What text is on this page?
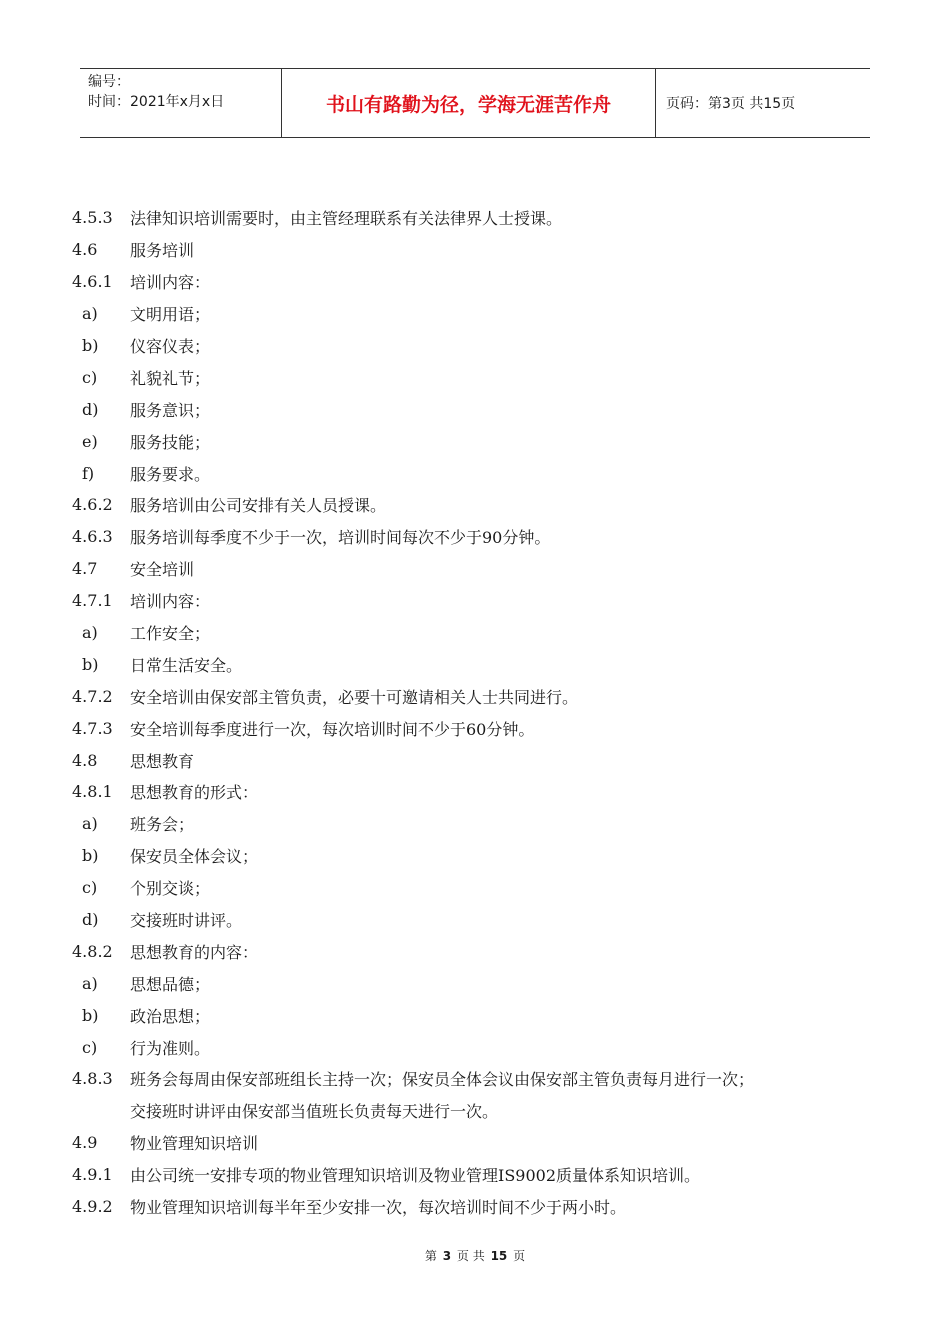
编号：
时间：2021年x月x日	书山有路勤为径，学海无涯苦作舟	页码：第3页 共15页
4.5.3	法律知识培训需要时，由主管经理联系有关法律界人士授课。
4.6	服务培训
4.6.1	培训内容：
a)	文明用语；
b)	仪容仪表；
c)	礼貌礼节；
d)	服务意识；
e)	服务技能；
f)	服务要求。
4.6.2	服务培训由公司安排有关人员授课。
4.6.3	服务培训每季度不少于一次，培训时间每次不少于90分钟。
4.7	安全培训
4.7.1	培训内容：
a)	工作安全；
b)	日常生活安全。
4.7.2	安全培训由保安部主管负责，必要十可邀请相关人士共同进行。
4.7.3	安全培训每季度进行一次，每次培训时间不少于60分钟。
4.8	思想教育
4.8.1	思想教育的形式：
a)	班务会；
b)	保安员全体会议；
c)	个别交谈；
d)	交接班时讲评。
4.8.2	思想教育的内容：
a)	思想品德；
b)	政治思想；
c)	行为准则。
4.8.3	班务会每周由保安部班组长主持一次；保安员全体会议由保安部主管负责每月进行一次；
交接班时讲评由保安部当值班长负责每天进行一次。
4.9	物业管理知识培训
4.9.1	由公司统一安排专项的物业管理知识培训及物业管理IS9002质量体系知识培训。
4.9.2	物业管理知识培训每半年至少安排一次，每次培训时间不少于两小时。
第 3 页 共 15 页
